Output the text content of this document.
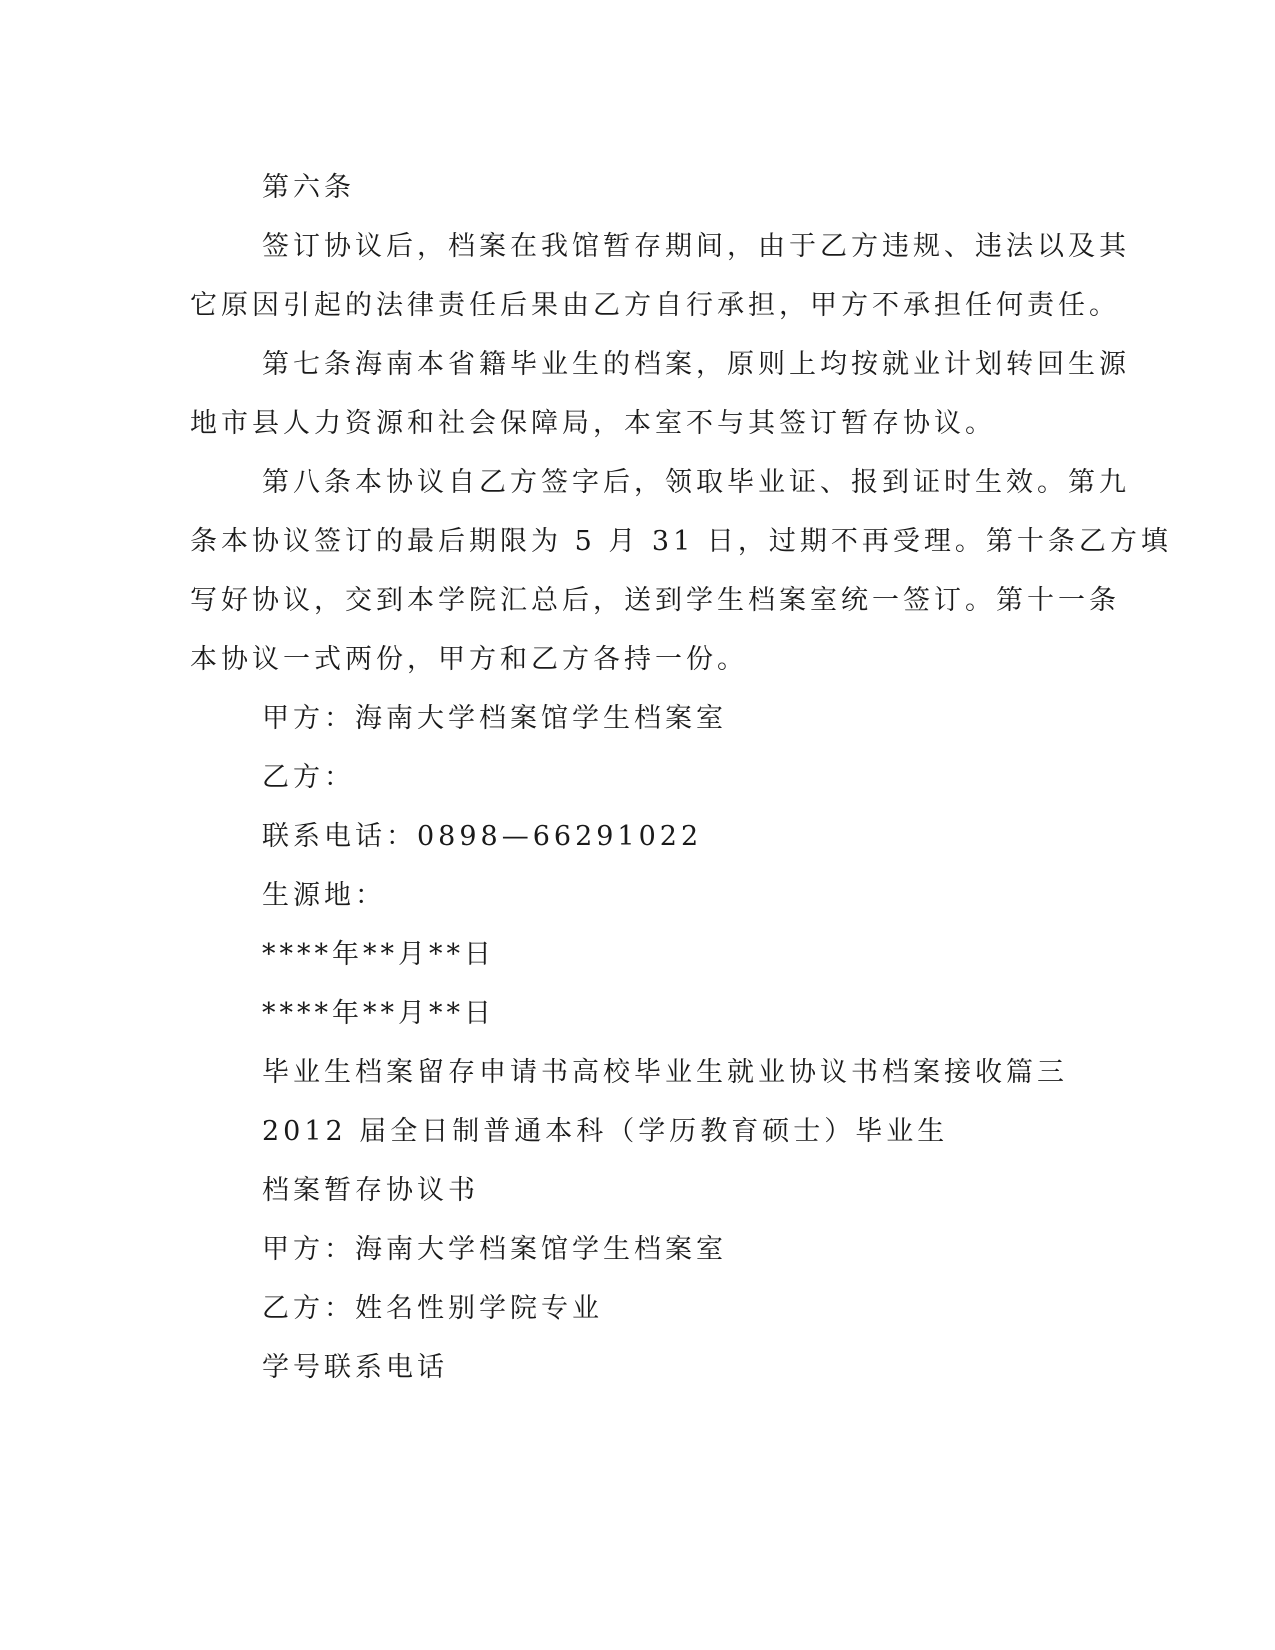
第六条

签订协议后，档案在我馆暂存期间，由于乙方违规、违法以及其

它原因引起的法律责任后果由乙方自行承担，甲方不承担任何责任。

第七条海南本省籍毕业生的档案，原则上均按就业计划转回生源

地市县人力资源和社会保障局，本室不与其签订暂存协议。

第八条本协议自乙方签字后，领取毕业证、报到证时生效。第九

条本协议签订的最后期限为 5 月 31 日，过期不再受理。第十条乙方填

写好协议，交到本学院汇总后，送到学生档案室统一签订。第十一条

本协议一式两份，甲方和乙方各持一份。

甲方：海南大学档案馆学生档案室

乙方：

联系电话：0898—66291022

生源地：

****年**月**日

****年**月**日

毕业生档案留存申请书高校毕业生就业协议书档案接收篇三

2012 届全日制普通本科（学历教育硕士）毕业生

档案暂存协议书

甲方：海南大学档案馆学生档案室

乙方：姓名性别学院专业

学号联系电话
